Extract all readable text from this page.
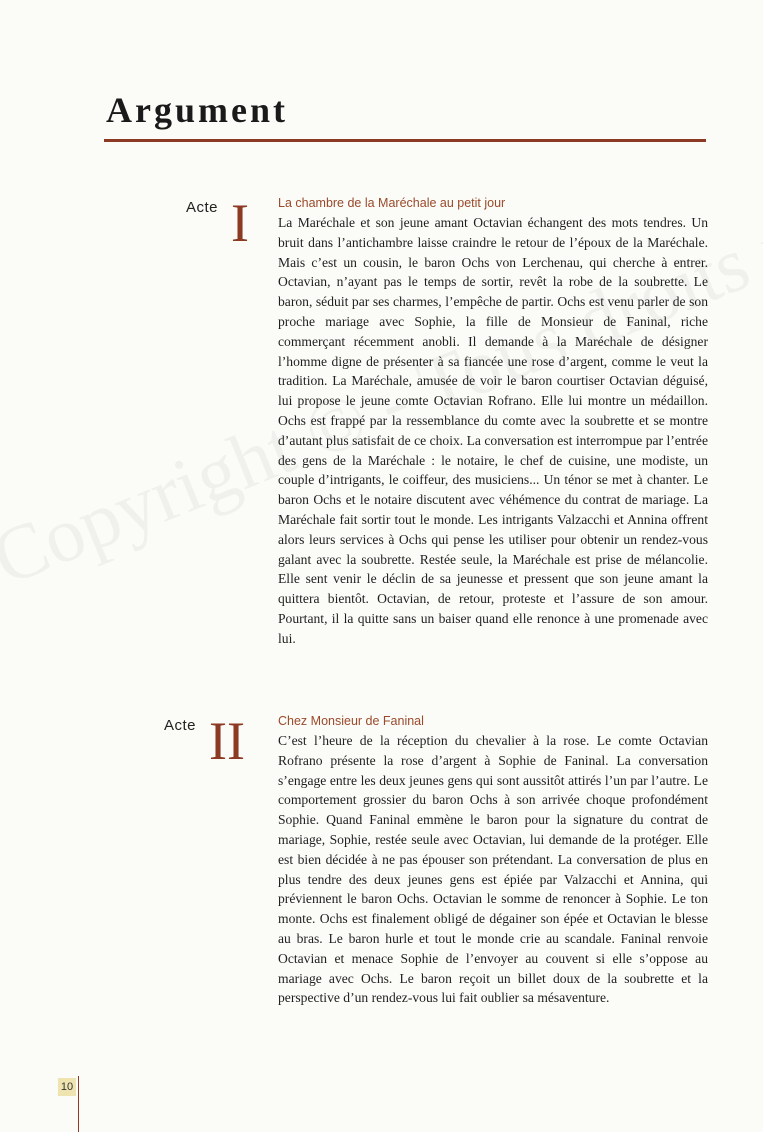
Argument
Acte I La chambre de la Maréchale au petit jour

La Maréchale et son jeune amant Octavian échangent des mots tendres. Un bruit dans l’antichambre laisse craindre le retour de l’époux de la Maréchale. Mais c’est un cousin, le baron Ochs von Lerchenau, qui cherche à entrer. Octavian, n’ayant pas le temps de sortir, revêt la robe de la soubrette. Le baron, séduit par ses charmes, l’empêche de partir. Ochs est venu parler de son proche mariage avec Sophie, la fille de Monsieur de Faninal, riche commerçant récemment anobli. Il demande à la Maréchale de désigner l’homme digne de présenter à sa fiancée une rose d’argent, comme le veut la tradition. La Maréchale, amusée de voir le baron courtiser Octavian déguisé, lui propose le jeune comte Octavian Rofrano. Elle lui montre un médaillon. Ochs est frappé par la ressemblance du comte avec la soubrette et se montre d’autant plus satisfait de ce choix. La conversation est interrompue par l’entrée des gens de la Maréchale : le notaire, le chef de cuisine, une modiste, un couple d’intrigants, le coiffeur, des musiciens... Un ténor se met à chanter. Le baron Ochs et le notaire discutent avec véhémence du contrat de mariage. La Maréchale fait sortir tout le monde. Les intrigants Valzacchi et Annina offrent alors leurs services à Ochs qui pense les utiliser pour obtenir un rendez-vous galant avec la soubrette. Restée seule, la Maréchale est prise de mélancolie. Elle sent venir le déclin de sa jeunesse et pressent que son jeune amant la quittera bientôt. Octavian, de retour, proteste et l’assure de son amour. Pourtant, il la quitte sans un baiser quand elle renonce à une promenade avec lui.

Acte II	Chez Monsieur de Faninal

C’est l’heure de la réception du chevalier à la rose. Le comte Octavian Rofrano présente la rose d’argent à Sophie de Faninal. La conversation s’engage entre les deux jeunes gens qui sont aussitôt attirés l’un par l’autre. Le comportement grossier du baron Ochs à son arrivée choque profondément Sophie. Quand Faninal emmène le baron pour la signature du contrat de mariage, Sophie, restée seule avec Octavian, lui demande de la protéger. Elle est bien décidée à ne pas épouser son prétendant. La conversation de plus en plus tendre des deux jeunes gens est épiée par Valzacchi et Annina, qui préviennent le baron Ochs. Octavian le somme de renoncer à Sophie. Le ton monte. Ochs est finalement obligé de dégainer son épée et Octavian le blesse au bras. Le baron hurle et tout le monde crie au scandale. Faninal renvoie Octavian et menace Sophie de l’envoyer au couvent si elle s’oppose au mariage avec Ochs. Le baron reçoit un billet doux de la soubrette et la perspective d’un rendez-vous lui fait oublier sa mésaventure.

10
